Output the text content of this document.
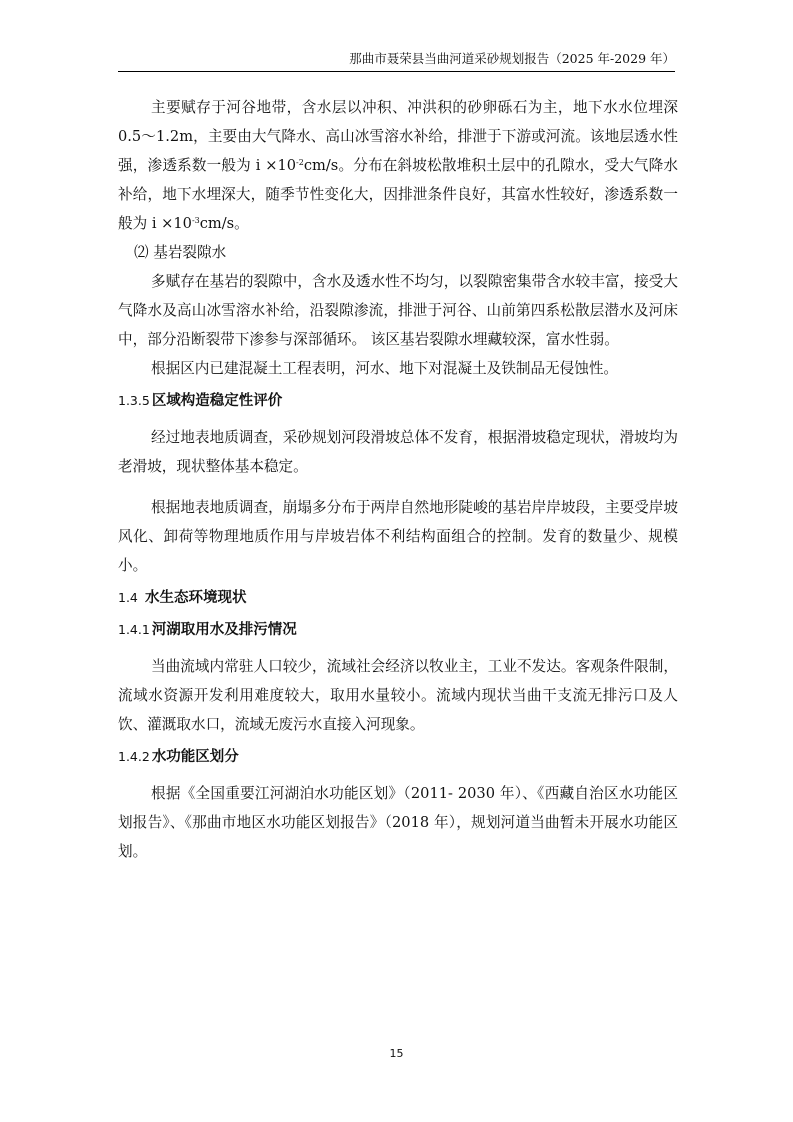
那曲市聂荣县当曲河道采砂规划报告（2025 年-2029 年）

主要赋存于河谷地带，含水层以冲积、冲洪积的砂卵砾石为主，地下水水位埋深 0.5～1.2m，主要由大气降水、高山冰雪溶水补给，排泄于下游或河流。该地层透水性强，渗透系数一般为 $i \times 10^{-2}cm/s$。分布在斜坡松散堆积土层中的孔隙水，受大气降水补给，地下水埋深大，随季节性变化大，因排泄条件良好，其富水性较好，渗透系数一般为 $i \times 10^{-3}cm/s$。

⑵ 基岩裂隙水

多赋存在基岩的裂隙中，含水及透水性不均匀，以裂隙密集带含水较丰富，接受大气降水及高山冰雪溶水补给，沿裂隙渗流，排泄于河谷、山前第四系松散层潜水及河床中，部分沿断裂带下渗参与深部循环。 该区基岩裂隙水埋藏较深，富水性弱。

根据区内已建混凝土工程表明，河水、地下对混凝土及铁制品无侵蚀性。

1.3.5 区域构造稳定性评价

经过地表地质调查，采砂规划河段滑坡总体不发育，根据滑坡稳定现状，滑坡均为老滑坡，现状整体基本稳定。

根据地表地质调查，崩塌多分布于两岸自然地形陡峻的基岩岸岸坡段，主要受岸坡风化、卸荷等物理地质作用与岸坡岩体不利结构面组合的控制。发育的数量少、规模小。

1.4 水生态环境现状
1.4.1 河湖取用水及排污情况

当曲流域内常驻人口较少，流域社会经济以牧业主，工业不发达。客观条件限制，流域水资源开发利用难度较大，取用水量较小。流域内现状当曲干支流无排污口及人饮、灌溉取水口，流域无废污水直接入河现象。

1.4.2 水功能区划分

根据《全国重要江河湖泊水功能区划》（2011- 2030 年）、《西藏自治区水功能区划报告》、《那曲市地区水功能区划报告》（2018 年），规划河道当曲暂未开展水功能区划。

15
